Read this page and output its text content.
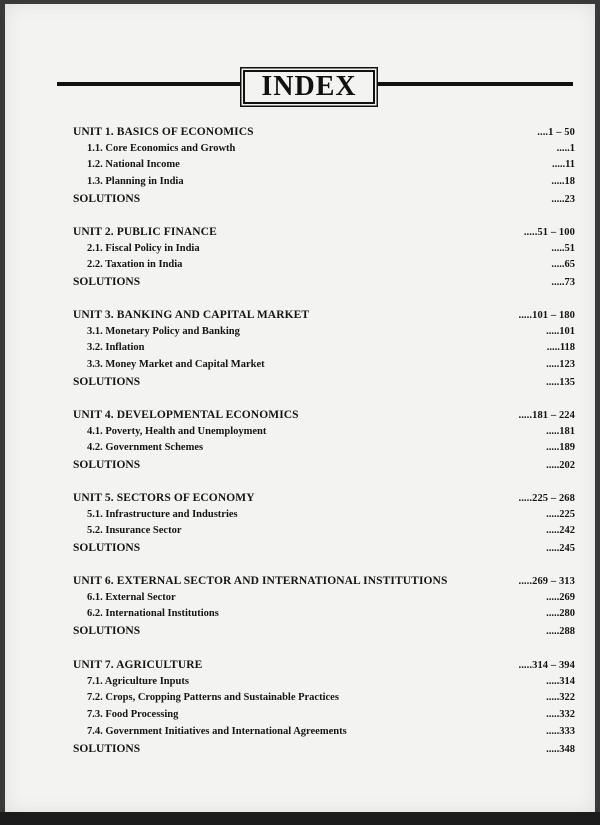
INDEX
UNIT 1. BASICS OF ECONOMICS	....1 – 50
1.1. Core Economics and Growth	.....1
1.2. National Income	.....11
1.3. Planning in India	.....18
SOLUTIONS	.....23
UNIT 2. PUBLIC FINANCE	.....51 – 100
2.1. Fiscal Policy in India	.....51
2.2. Taxation in India	.....65
SOLUTIONS	.....73
UNIT 3. BANKING AND CAPITAL MARKET	.....101 – 180
3.1. Monetary Policy and Banking	.....101
3.2. Inflation	.....118
3.3. Money Market and Capital Market	.....123
SOLUTIONS	.....135
UNIT 4. DEVELOPMENTAL ECONOMICS	.....181 – 224
4.1. Poverty, Health and Unemployment	.....181
4.2. Government Schemes	.....189
SOLUTIONS	.....202
UNIT 5. SECTORS OF ECONOMY	.....225 – 268
5.1. Infrastructure and Industries	.....225
5.2. Insurance Sector	.....242
SOLUTIONS	.....245
UNIT 6. EXTERNAL SECTOR AND INTERNATIONAL INSTITUTIONS	.....269 – 313
6.1. External Sector	.....269
6.2. International Institutions	.....280
SOLUTIONS	.....288
UNIT 7. AGRICULTURE	.....314 – 394
7.1. Agriculture Inputs	.....314
7.2. Crops, Cropping Patterns and Sustainable Practices	.....322
7.3. Food Processing	.....332
7.4. Government Initiatives and International Agreements	.....333
SOLUTIONS	.....348
